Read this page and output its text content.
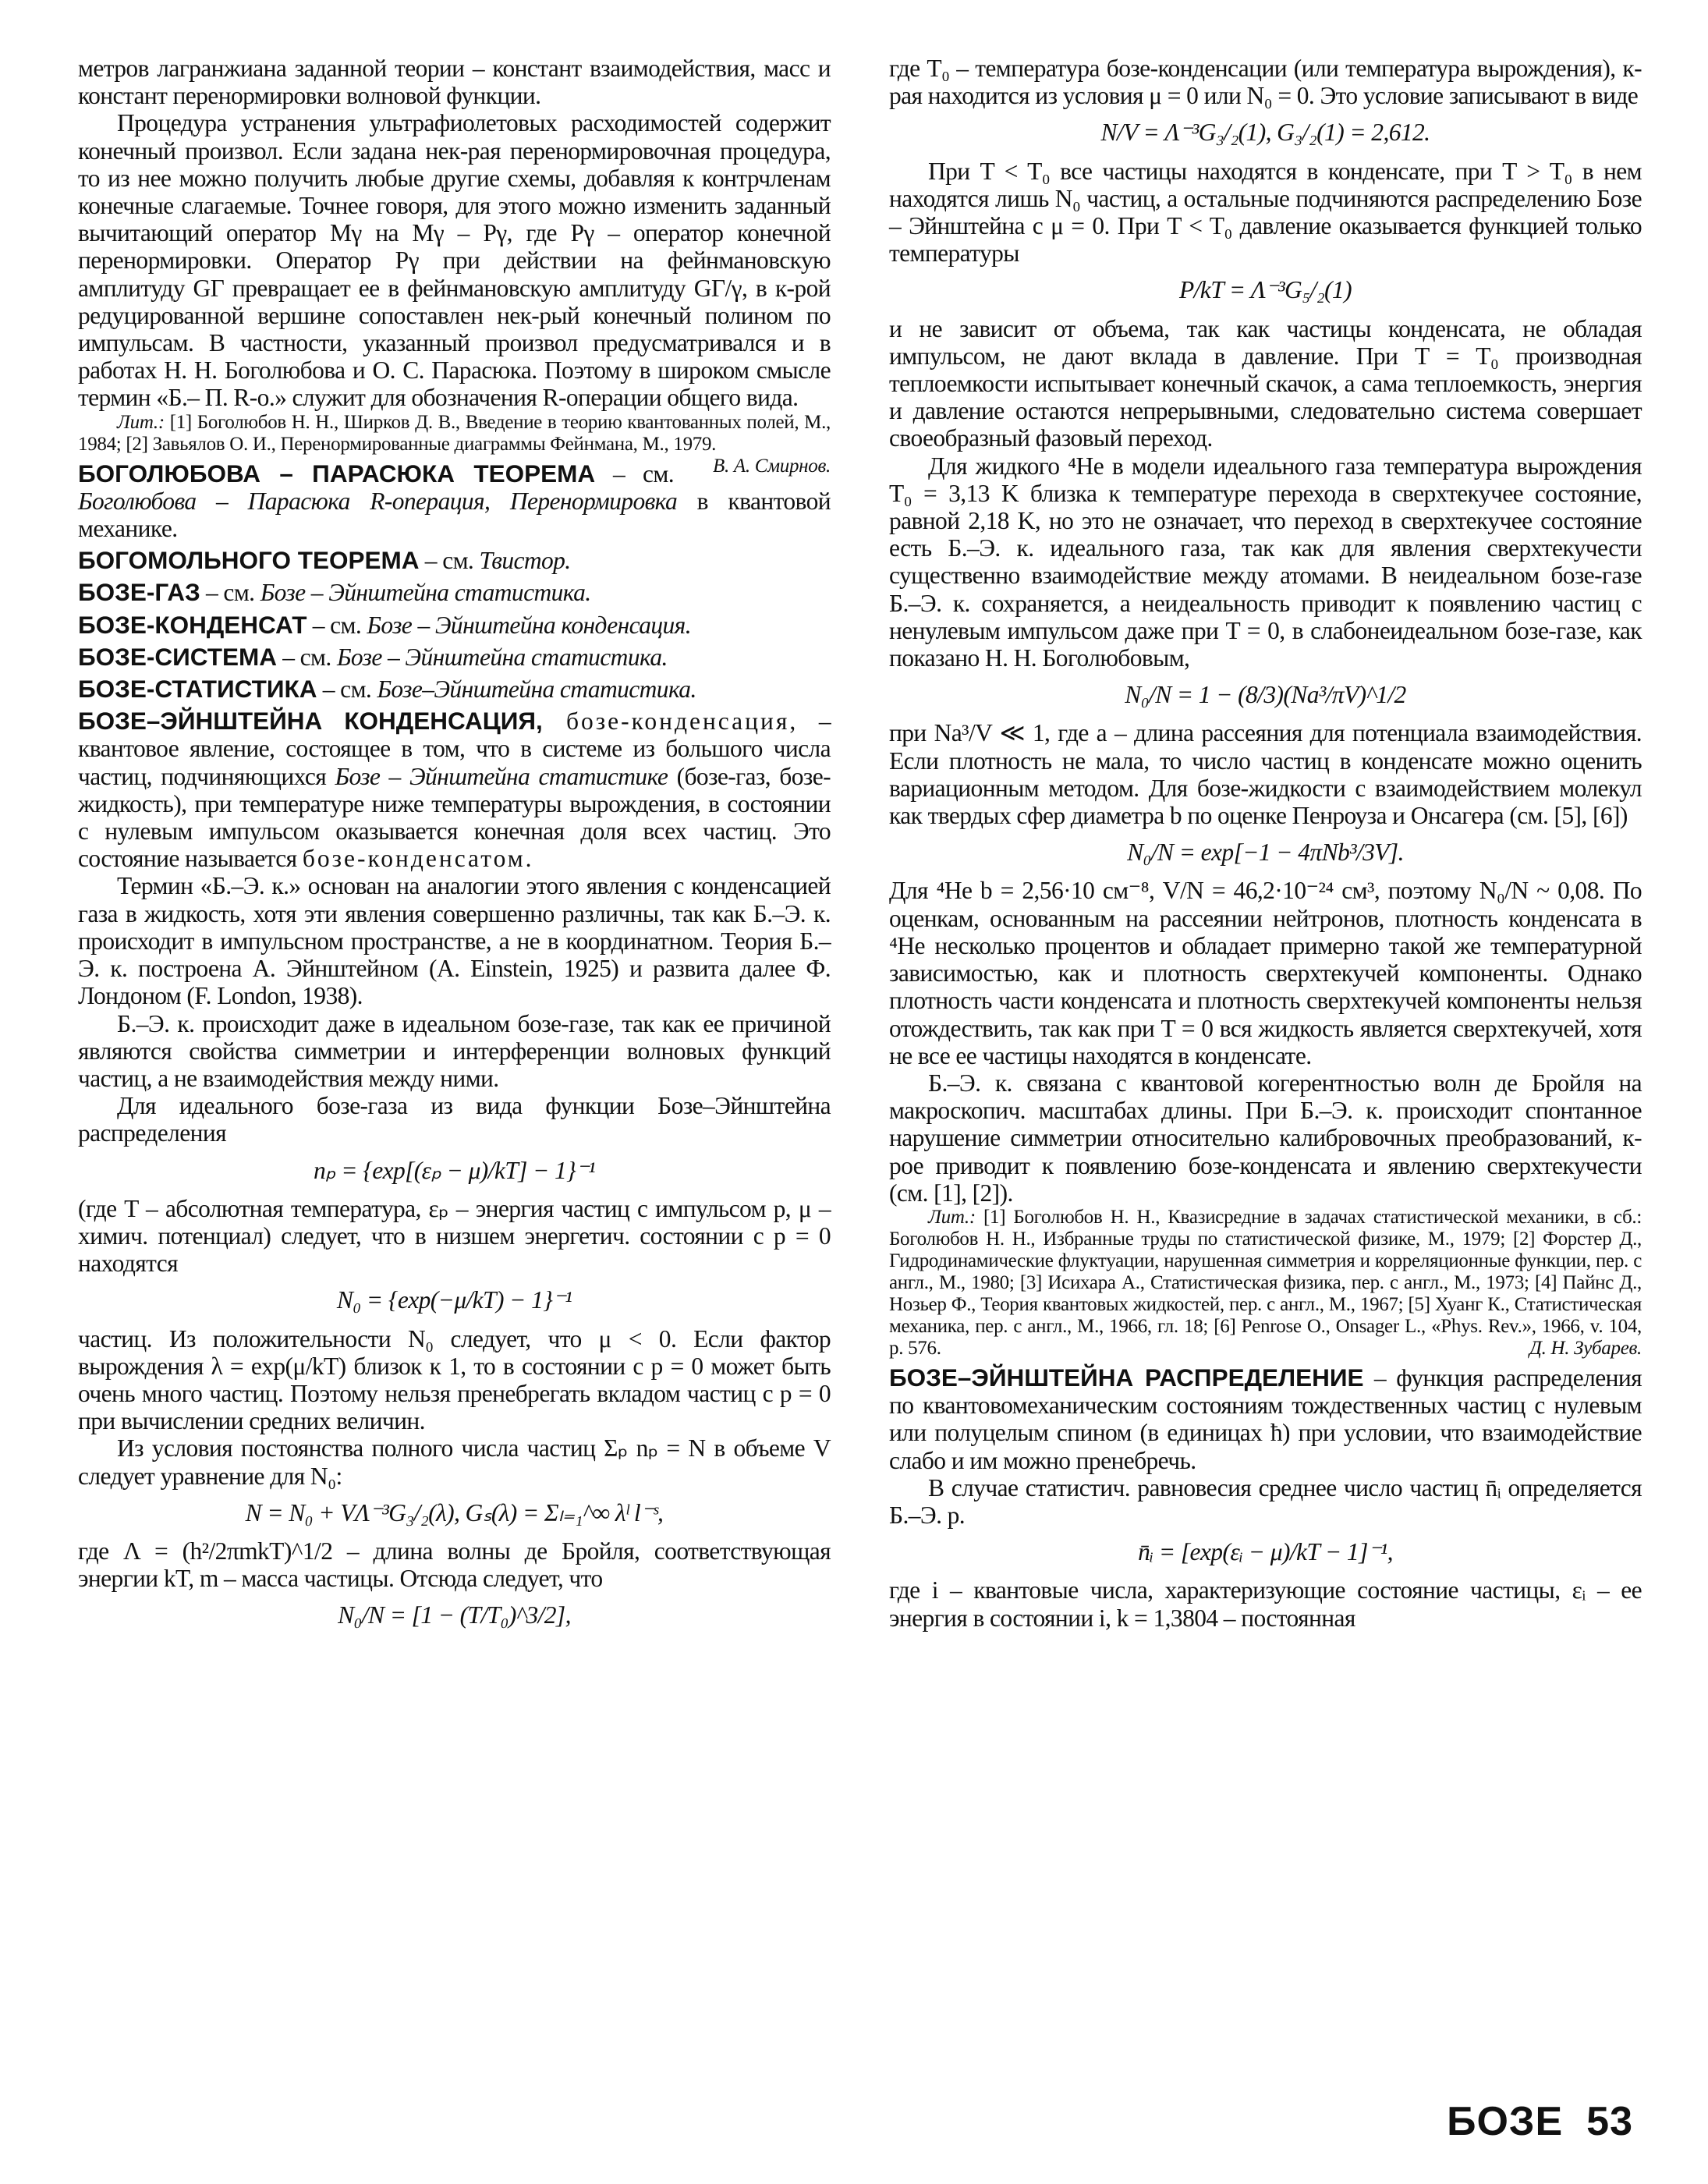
метров лагранжиана заданной теории – констант взаимодействия, масс и констант перенормировки волновой функции.
Процедура устранения ультрафиолетовых расходимостей содержит конечный произвол. Если задана нек-рая перенормировочная процедура, то из нее можно получить любые другие схемы, добавляя к контрчленам конечные слагаемые. Точнее говоря, для этого можно изменить заданный вычитающий оператор Mγ на Mγ – Pγ, где Pγ – оператор конечной перенормировки. Оператор Pγ при действии на фейнмановскую амплитуду GΓ превращает ее в фейнмановскую амплитуду GΓ/γ, в к-рой редуцированной вершине сопоставлен нек-рый конечный полином по импульсам. В частности, указанный произвол предусматривался и в работах Н. Н. Боголюбова и О. С. Парасюка. Поэтому в широком смысле термин «Б.– П. R-о.» служит для обозначения R-операции общего вида.
Лит.: [1] Боголюбов Н. Н., Ширков Д. В., Введение в теорию квантованных полей, М., 1984; [2] Завьялов О. И., Перенормированные диаграммы Фейнмана, М., 1979.
В. А. Смирнов.
БОГОЛЮБОВА – ПАРАСЮКА ТЕОРЕМА – см. Боголюбова – Парасюка R-операция, Перенормировка в квантовой механике.
БОГОМОЛЬНОГО ТЕОРЕМА – см. Твистор.
БОЗЕ-ГАЗ – см. Бозе – Эйнштейна статистика.
БОЗЕ-КОНДЕНСАТ – см. Бозе – Эйнштейна конденсация.
БОЗЕ-СИСТЕМА – см. Бозе – Эйнштейна статистика.
БОЗЕ-СТАТИСТИКА – см. Бозе–Эйнштейна статистика.
БОЗЕ–ЭЙНШТЕЙНА КОНДЕНСАЦИЯ, бозе-конденсация, – квантовое явление, состоящее в том, что в системе из большого числа частиц, подчиняющихся Бозе – Эйнштейна статистике (бозе-газ, бозе-жидкость), при температуре ниже температуры вырождения, в состоянии с нулевым импульсом оказывается конечная доля всех частиц. Это состояние называется бозе-конденсатом.
Термин «Б.–Э. к.» основан на аналогии этого явления с конденсацией газа в жидкость, хотя эти явления совершенно различны, так как Б.–Э. к. происходит в импульсном пространстве, а не в координатном. Теория Б.–Э. к. построена А. Эйнштейном (A. Einstein, 1925) и развита далее Ф. Лондоном (F. London, 1938).
Б.–Э. к. происходит даже в идеальном бозе-газе, так как ее причиной являются свойства симметрии и интерференции волновых функций частиц, а не взаимодействия между ними.
Для идеального бозе-газа из вида функции Бозе–Эйнштейна распределения
nₚ = {exp[(εₚ − μ)/kT] − 1}⁻¹
(где T – абсолютная температура, εₚ – энергия частиц с импульсом p, μ – химич. потенциал) следует, что в низшем энергетич. состоянии с p = 0 находятся
N₀ = {exp(−μ/kT) − 1}⁻¹
частиц. Из положительности N₀ следует, что μ < 0. Если фактор вырождения λ = exp(μ/kT) близок к 1, то в состоянии с p = 0 может быть очень много частиц. Поэтому нельзя пренебрегать вкладом частиц с p = 0 при вычислении средних величин.
Из условия постоянства полного числа частиц Σₚ nₚ = N в объеме V следует уравнение для N₀:
N = N₀ + VΛ⁻³G₃/₂(λ), Gₛ(λ) = Σₗ₌₁^∞ λˡ l⁻ˢ,
где Λ = (h²/2πmkT)^1/2 – длина волны де Бройля, соответствующая энергии kT, m – масса частицы. Отсюда следует, что
N₀/N = [1 − (T/T₀)^3/2],
где T₀ – температура бозе-конденсации (или температура вырождения), к-рая находится из условия μ = 0 или N₀ = 0. Это условие записывают в виде
N/V = Λ⁻³G₃/₂(1), G₃/₂(1) = 2,612.
При T < T₀ все частицы находятся в конденсате, при T > T₀ в нем находятся лишь N₀ частиц, а остальные подчиняются распределению Бозе – Эйнштейна с μ = 0. При T < T₀ давление оказывается функцией только температуры
P/kT = Λ⁻³G₅/₂(1)
и не зависит от объема, так как частицы конденсата, не обладая импульсом, не дают вклада в давление. При T = T₀ производная теплоемкости испытывает конечный скачок, а сама теплоемкость, энергия и давление остаются непрерывными, следовательно система совершает своеобразный фазовый переход.
Для жидкого ⁴He в модели идеального газа температура вырождения T₀ = 3,13 K близка к температуре перехода в сверхтекучее состояние, равной 2,18 K, но это не означает, что переход в сверхтекучее состояние есть Б.–Э. к. идеального газа, так как для явления сверхтекучести существенно взаимодействие между атомами. В неидеальном бозе-газе Б.–Э. к. сохраняется, а неидеальность приводит к появлению частиц с ненулевым импульсом даже при T = 0, в слабонеидеальном бозе-газе, как показано Н. Н. Боголюбовым,
N₀/N = 1 − (8/3)(Na³/πV)^1/2
при Na³/V ≪ 1, где a – длина рассеяния для потенциала взаимодействия. Если плотность не мала, то число частиц в конденсате можно оценить вариационным методом. Для бозе-жидкости с взаимодействием молекул как твердых сфер диаметра b по оценке Пенроуза и Онсагера (см. [5], [6])
N₀/N = exp[−1 − 4πNb³/3V].
Для ⁴He b = 2,56·10 см⁻⁸, V/N = 46,2·10⁻²⁴ см³, поэтому N₀/N ~ 0,08. По оценкам, основанным на рассеянии нейтронов, плотность конденсата в ⁴He несколько процентов и обладает примерно такой же температурной зависимостью, как и плотность сверхтекучей компоненты. Однако плотность части конденсата и плотность сверхтекучей компоненты нельзя отождествить, так как при T = 0 вся жидкость является сверхтекучей, хотя не все ее частицы находятся в конденсате.
Б.–Э. к. связана с квантовой когерентностью волн де Бройля на макроскопич. масштабах длины. При Б.–Э. к. происходит спонтанное нарушение симметрии относительно калибровочных преобразований, к-рое приводит к появлению бозе-конденсата и явлению сверхтекучести (см. [1], [2]).
Лит.: [1] Боголюбов Н. Н., Квазисредние в задачах статистической механики, в сб.: Боголюбов Н. Н., Избранные труды по статистической физике, М., 1979; [2] Форстер Д., Гидродинамические флуктуации, нарушенная симметрия и корреляционные функции, пер. с англ., М., 1980; [3] Исихара А., Статистическая физика, пер. с англ., М., 1973; [4] Пайнс Д., Нозьер Ф., Теория квантовых жидкостей, пер. с англ., М., 1967; [5] Хуанг К., Статистическая механика, пер. с англ., М., 1966, гл. 18; [6] Penrose O., Onsager L., «Phys. Rev.», 1966, v. 104, p. 576.	Д. Н. Зубарев.
БОЗЕ–ЭЙНШТЕЙНА РАСПРЕДЕЛЕНИЕ – функция распределения по квантовомеханическим состояниям тождественных частиц с нулевым или полуцелым спином (в единицах ħ) при условии, что взаимодействие слабо и им можно пренебречь.
В случае статистич. равновесия среднее число частиц n̄ᵢ определяется Б.–Э. р.
n̄ᵢ = [exp(εᵢ − μ)/kT − 1]⁻¹,
где i – квантовые числа, характеризующие состояние частицы, εᵢ – ее энергия в состоянии i, k = 1,3804 – постоянная
БОЗЕ 53
